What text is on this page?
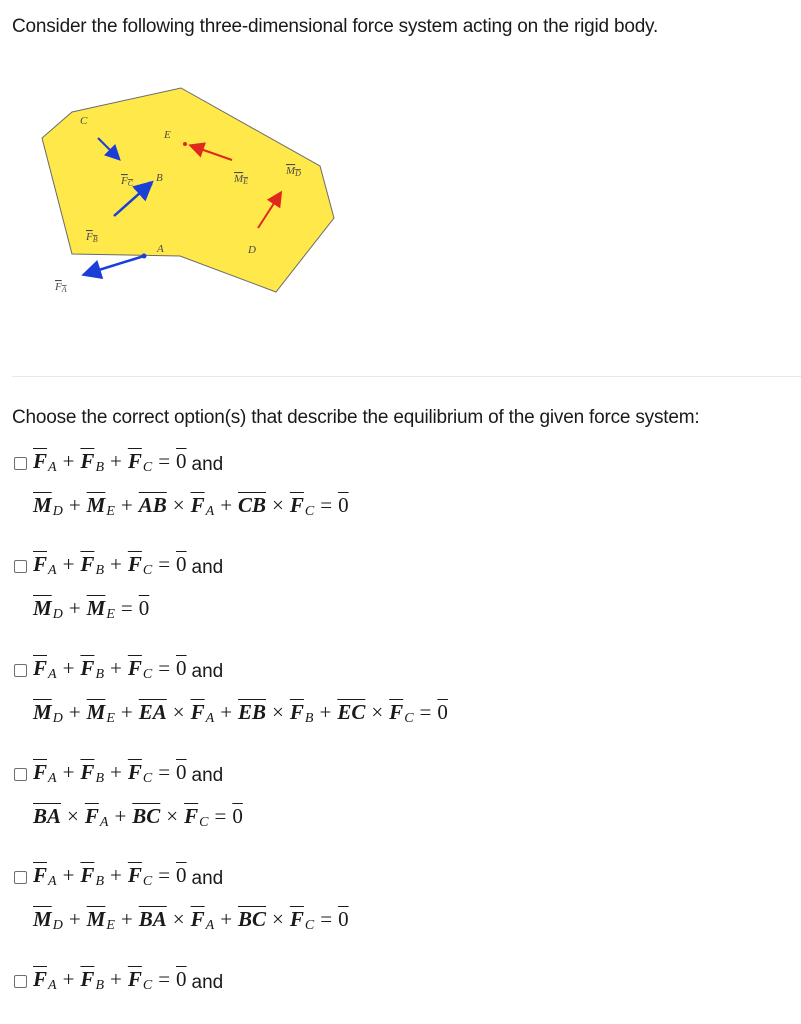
Consider the following three-dimensional force system acting on the rigid body.
C
E
B
A	D
FC
FB
FA
ME
MD
Choose the correct option(s) that describe the equilibrium of the given force system:
$\overline{F}_A + \overline{F}_B + \overline{F}_C = 0$ and
$\overline{M}_D + \overline{M}_E + \overline{AB} \times \overline{F}_A + \overline{CB} \times \overline{F}_C = 0$
$\overline{F}_A + \overline{F}_B + \overline{F}_C = 0$ and
$\overline{M}_D + \overline{M}_E = 0$
$\overline{F}_A + \overline{F}_B + \overline{F}_C = 0$ and
$\overline{M}_D + \overline{M}_E + \overline{EA} \times \overline{F}_A + \overline{EB} \times \overline{F}_B + \overline{EC} \times \overline{F}_C = 0$
$\overline{F}_A + \overline{F}_B + \overline{F}_C = 0$ and
$\overline{BA} \times \overline{F}_A + \overline{BC} \times \overline{F}_C = 0$
$\overline{F}_A + \overline{F}_B + \overline{F}_C = 0$ and
$\overline{M}_D + \overline{M}_E + \overline{BA} \times \overline{F}_A + \overline{BC} \times \overline{F}_C = 0$
$\overline{F}_A + \overline{F}_B + \overline{F}_C = 0$ and
